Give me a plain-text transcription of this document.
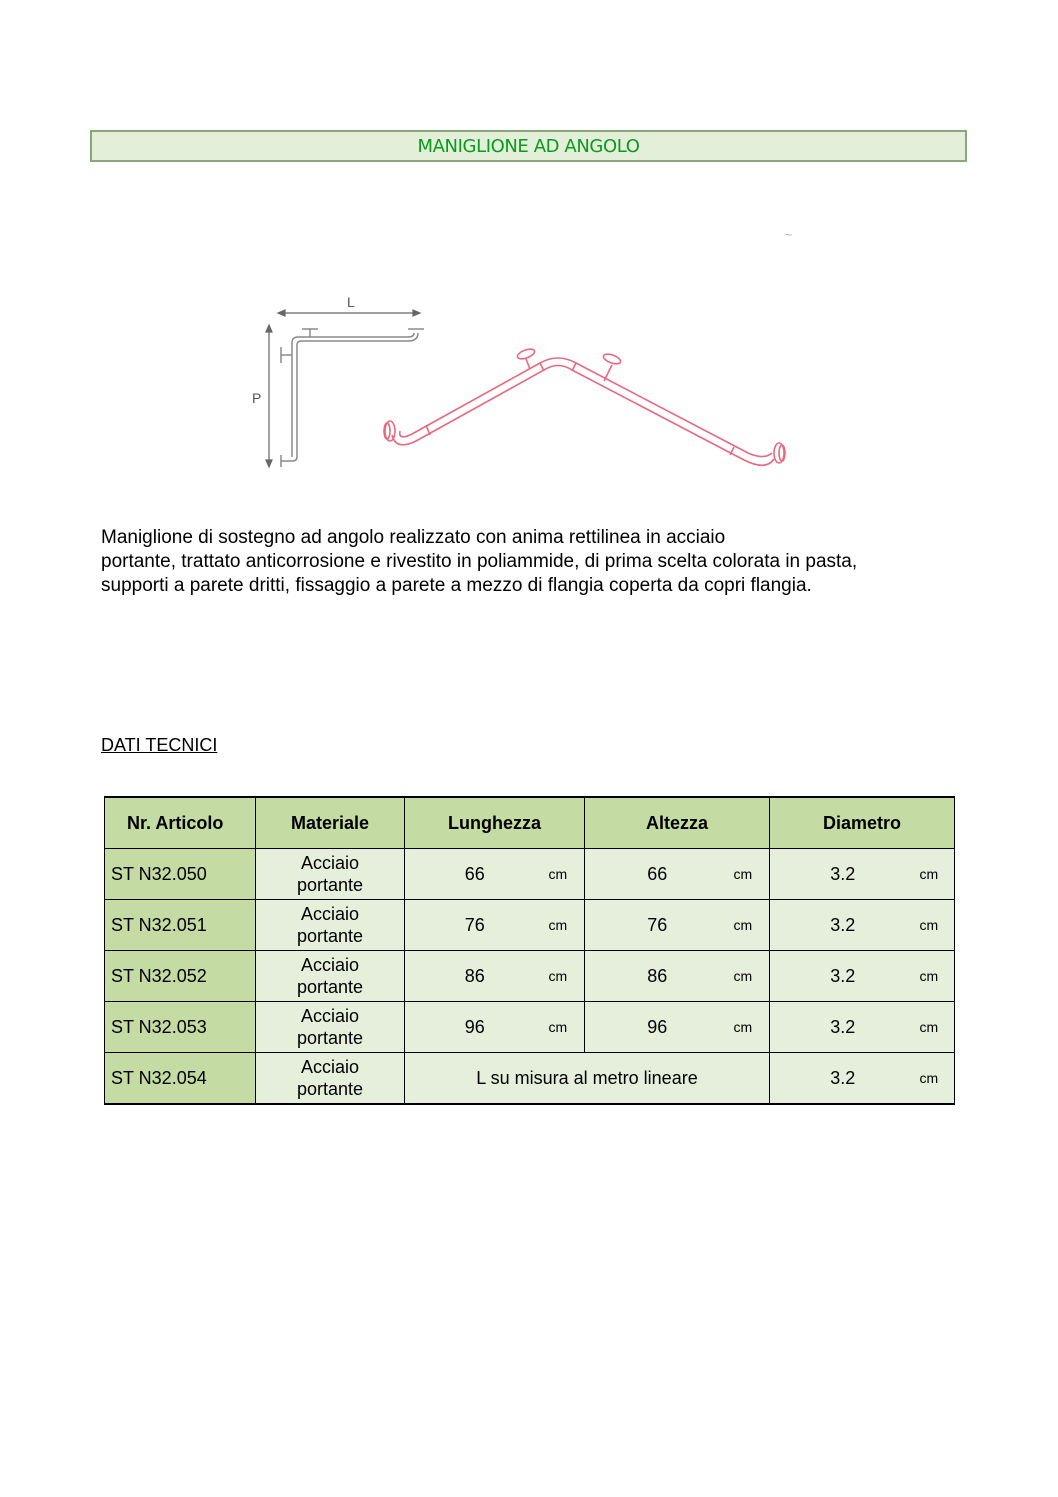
MANIGLIONE AD ANGOLO
~
L
P

Maniglione di sostegno ad angolo realizzato con anima rettilinea in acciaio

portante, trattato anticorrosione e rivestito in poliammide, di prima scelta colorata in pasta,

supporti a parete dritti, fissaggio a parete a mezzo di flangia coperta da copri flangia.

DATI TECNICI
Nr. Articolo	Materiale	Lunghezza		Altezza		Diametro	
ST N32.050	Acciaio
portante	66	cm	66	cm	3.2	cm
ST N32.051	Acciaio
portante	76	cm	76	cm	3.2	cm
ST N32.052	Acciaio
portante	86	cm	86	cm	3.2	cm
ST N32.053	Acciaio
portante	96	cm	96	cm	3.2	cm
ST N32.054	Acciaio
portante	L su misura al metro lineare				3.2	cm
